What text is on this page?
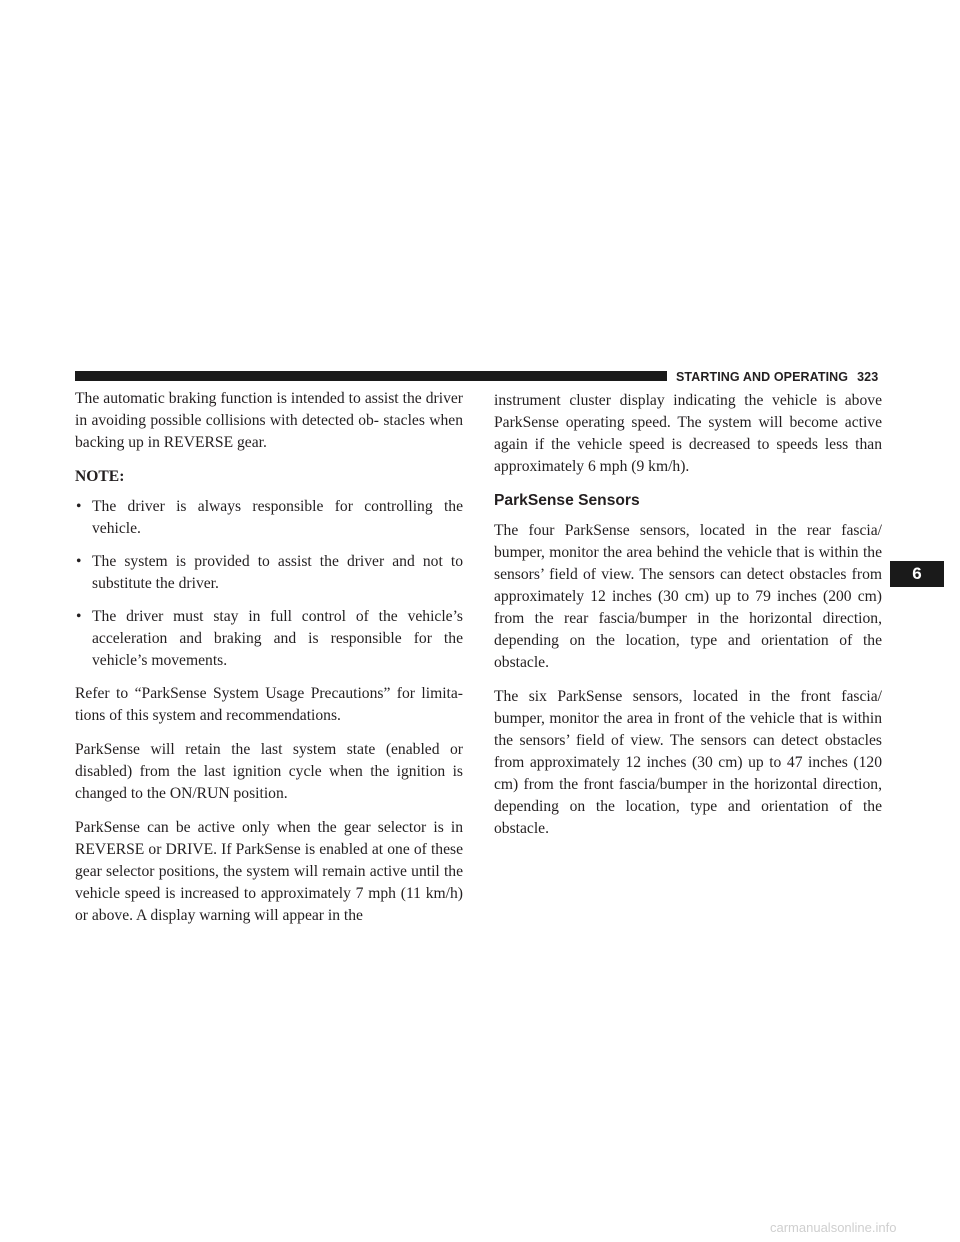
STARTING AND OPERATING 323
6

The automatic braking function is intended to assist the driver in avoiding possible collisions with detected ob- stacles when backing up in REVERSE gear.

NOTE:
• The driver is always responsible for controlling the vehicle.
• The system is provided to assist the driver and not to substitute the driver.
• The driver must stay in full control of the vehicle’s acceleration and braking and is responsible for the vehicle’s movements.

Refer to “ParkSense System Usage Precautions” for limita- tions of this system and recommendations.

ParkSense will retain the last system state (enabled or disabled) from the last ignition cycle when the ignition is changed to the ON/RUN position.

ParkSense can be active only when the gear selector is in REVERSE or DRIVE. If ParkSense is enabled at one of these gear selector positions, the system will remain active until the vehicle speed is increased to approximately 7 mph (11 km/h) or above. A display warning will appear in the

instrument cluster display indicating the vehicle is above ParkSense operating speed. The system will become active again if the vehicle speed is decreased to speeds less than approximately 6 mph (9 km/h).

ParkSense Sensors

The four ParkSense sensors, located in the rear fascia/ bumper, monitor the area behind the vehicle that is within the sensors’ field of view. The sensors can detect obstacles from approximately 12 inches (30 cm) up to 79 inches (200 cm) from the rear fascia/bumper in the horizontal direction, depending on the location, type and orientation of the obstacle.

The six ParkSense sensors, located in the front fascia/ bumper, monitor the area in front of the vehicle that is within the sensors’ field of view. The sensors can detect obstacles from approximately 12 inches (30 cm) up to 47 inches (120 cm) from the front fascia/bumper in the horizontal direction, depending on the location, type and orientation of the obstacle.

carmanualsonline.info
